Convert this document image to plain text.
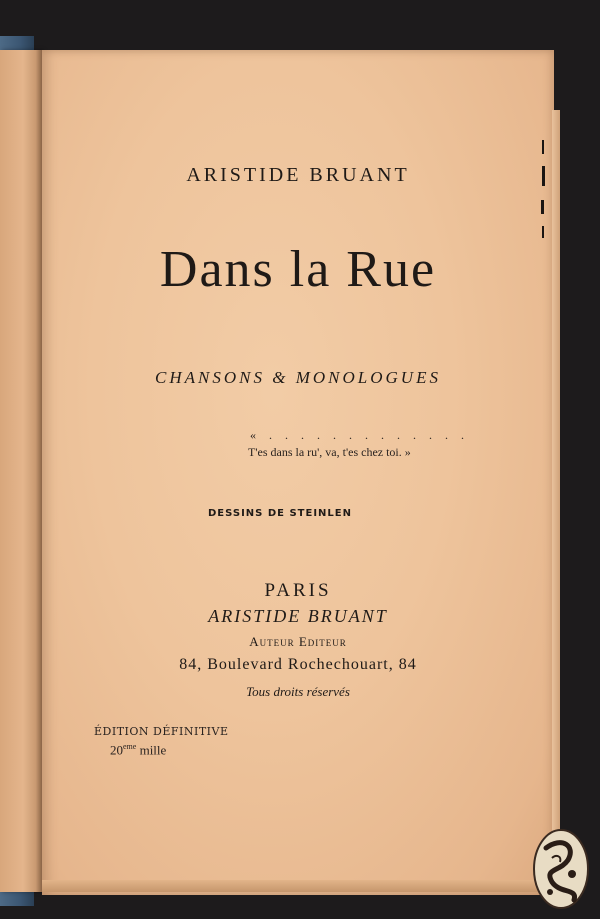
ARISTIDE BRUANT
Dans la Rue
CHANSONS & MONOLOGUES
« . . . . . . . . . . . . .
T'es dans la ru', va, t'es chez toi. »
DESSINS DE STEINLEN
PARIS
ARISTIDE BRUANT
Auteur Editeur
84, Boulevard Rochechouart, 84
Tous droits réservés
ÉDITION DÉFINITIVE
20eme mille
